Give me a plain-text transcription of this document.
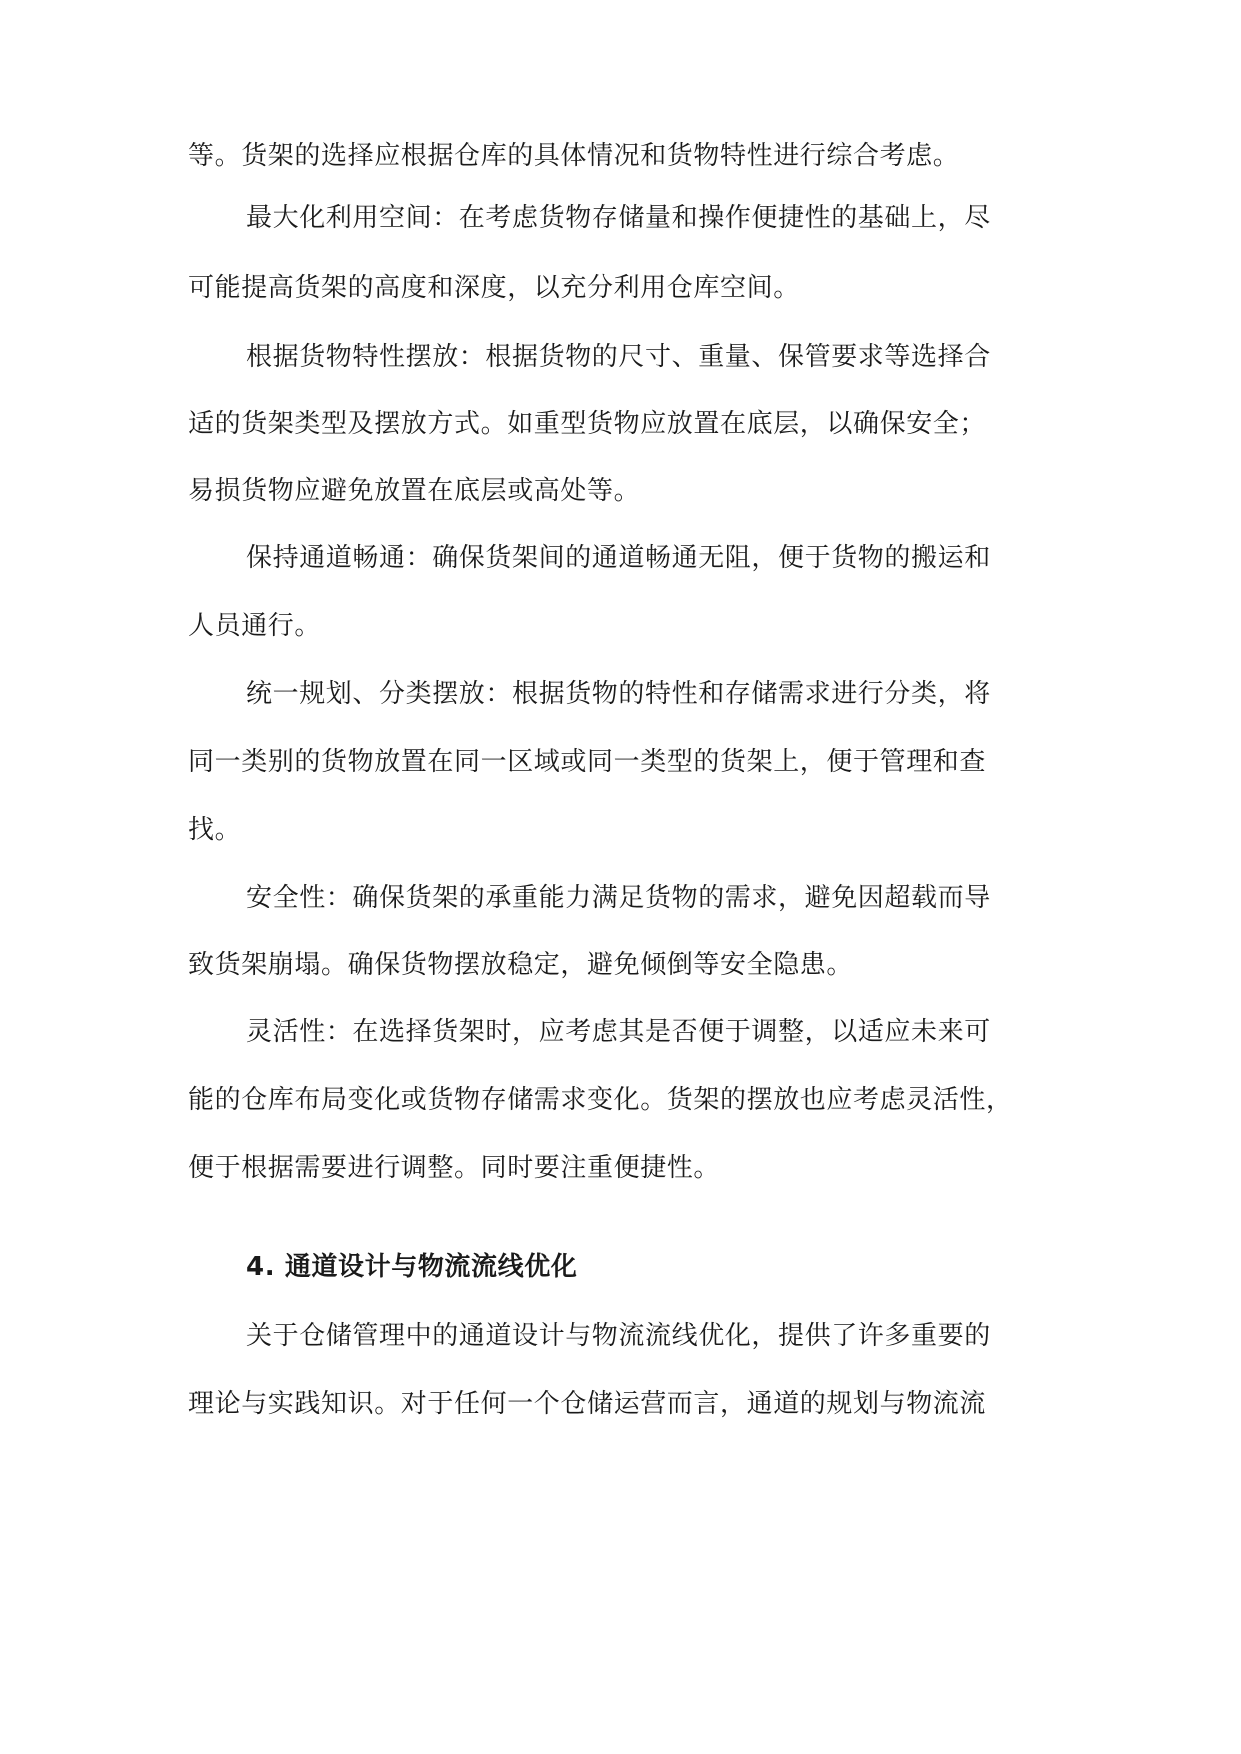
等。货架的选择应根据仓库的具体情况和货物特性进行综合考虑。
最大化利用空间：在考虑货物存储量和操作便捷性的基础上，尽
可能提高货架的高度和深度，以充分利用仓库空间。
根据货物特性摆放：根据货物的尺寸、重量、保管要求等选择合
适的货架类型及摆放方式。如重型货物应放置在底层，以确保安全；
易损货物应避免放置在底层或高处等。
保持通道畅通：确保货架间的通道畅通无阻，便于货物的搬运和
人员通行。
统一规划、分类摆放：根据货物的特性和存储需求进行分类，将
同一类别的货物放置在同一区域或同一类型的货架上，便于管理和查
找。
安全性：确保货架的承重能力满足货物的需求，避免因超载而导
致货架崩塌。确保货物摆放稳定，避免倾倒等安全隐患。
灵活性：在选择货架时，应考虑其是否便于调整，以适应未来可
能的仓库布局变化或货物存储需求变化。货架的摆放也应考虑灵活性，
便于根据需要进行调整。同时要注重便捷性。
4. 通道设计与物流流线优化
关于仓储管理中的通道设计与物流流线优化，提供了许多重要的
理论与实践知识。对于任何一个仓储运营而言，通道的规划与物流流
